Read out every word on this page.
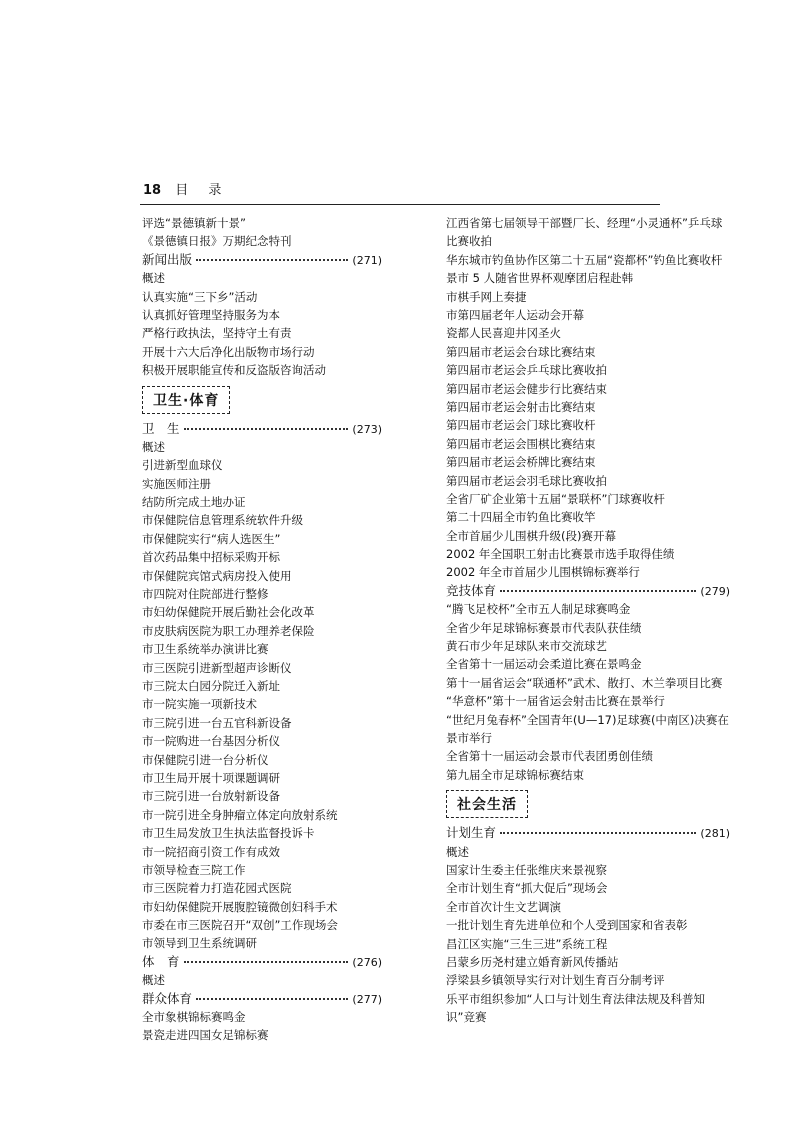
18 目 录
评选“景德镇新十景”
《景德镇日报》万期纪念特刊
新闻出版	(271)
概述
认真实施“三下乡”活动
认真抓好管理坚持服务为本
严格行政执法，坚持守土有责
开展十六大后净化出版物市场行动
积极开展职能宣传和反盗版咨询活动
卫生·体育
卫　生	(273)
概述
引进新型血球仪
实施医师注册
结防所完成土地办证
市保健院信息管理系统软件升级
市保健院实行“病人选医生”
首次药品集中招标采购开标
市保健院宾馆式病房投入使用
市四院对住院部进行整修
市妇幼保健院开展后勤社会化改革
市皮肤病医院为职工办理养老保险
市卫生系统举办演讲比赛
市三医院引进新型超声诊断仪
市三院太白园分院迁入新址
市一院实施一项新技术
市三院引进一台五官科新设备
市一院购进一台基因分析仪
市保健院引进一台分析仪
市卫生局开展十项课题调研
市三院引进一台放射新设备
市一院引进全身肿瘤立体定向放射系统
市卫生局发放卫生执法监督投诉卡
市一院招商引资工作有成效
市领导检查三院工作
市三医院着力打造花园式医院
市妇幼保健院开展腹腔镜微创妇科手术
市委在市三医院召开“双创”工作现场会
市领导到卫生系统调研
体　育	(276)
概述
群众体育	(277)
全市象棋锦标赛鸣金
景瓷走进四国女足锦标赛
江西省第七届领导干部暨厂长、经理“小灵通杯”乒乓球比赛收拍
华东城市钓鱼协作区第二十五届“瓷都杯”钓鱼比赛收杆
景市 5 人随省世界杯观摩团启程赴韩
市棋手网上奏捷
市第四届老年人运动会开幕
瓷都人民喜迎井冈圣火
第四届市老运会台球比赛结束
第四届市老运会乒乓球比赛收拍
第四届市老运会健步行比赛结束
第四届市老运会射击比赛结束
第四届市老运会门球比赛收杆
第四届市老运会围棋比赛结束
第四届市老运会桥牌比赛结束
第四届市老运会羽毛球比赛收拍
全省厂矿企业第十五届“景联杯”门球赛收杆
第二十四届全市钓鱼比赛收竿
全市首届少儿围棋升级(段)赛开幕
2002 年全国职工射击比赛景市选手取得佳绩
2002 年全市首届少儿围棋锦标赛举行
竞技体育	(279)
“腾飞足校杯”全市五人制足球赛鸣金
全省少年足球锦标赛景市代表队获佳绩
黄石市少年足球队来市交流球艺
全省第十一届运动会柔道比赛在景鸣金
第十一届省运会“联通杯”武术、散打、木兰拳项目比赛
“华意杯”第十一届省运会射击比赛在景举行
“世纪月兔春杯”全国青年(U—17)足球赛(中南区)决赛在景市举行
全省第十一届运动会景市代表团勇创佳绩
第九届全市足球锦标赛结束
社会生活
计划生育	(281)
概述
国家计生委主任张维庆来景视察
全市计划生育“抓大促后”现场会
全市首次计生文艺调演
一批计划生育先进单位和个人受到国家和省表彰
昌江区实施“三生三进”系统工程
吕蒙乡历尧村建立婚育新风传播站
浮梁县乡镇领导实行对计划生育百分制考评
乐平市组织参加“人口与计划生育法律法规及科普知识”竞赛
